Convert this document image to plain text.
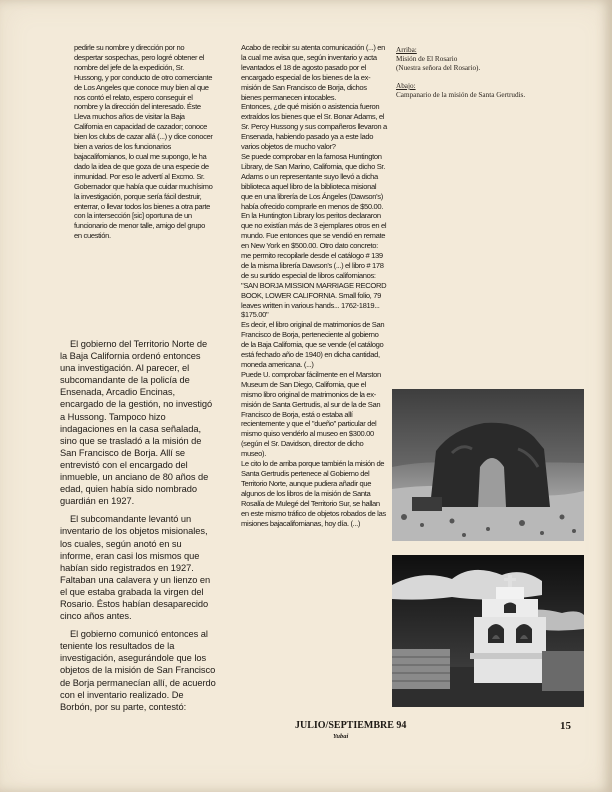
pedirle su nombre y dirección por no despertar sospechas, pero logré obtener el nombre del jefe de la expedición, Sr. Hussong, y por conducto de otro comerciante de Los Angeles que conoce muy bien al que nos contó el relato, espero conseguir el nombre y la dirección del interesado. Éste Lleva muchos años de visitar la Baja California en capacidad de cazador; conoce bien los clubs de cazar allá (...) y dice conocer bien a varios de los funcionarios bajacalifornianos, lo cual me supongo, le ha dado la idea de que goza de una especie de inmunidad. Por eso le advertí al Excmo. Sr. Gobernador que había que cuidar muchísimo la investigación, porque sería fácil destruir, enterrar, o llevar todos los bienes a otra parte con la intersección [sic] oportuna de un funcionario de menor talle, amigo del grupo en cuestión.

El gobierno del Territorio Norte de la Baja California ordenó entonces una investigación. Al parecer, el subcomandante de la policía de Ensenada, Arcadio Encinas, encargado de la gestión, no investigó a Hussong. Tampoco hizo indagaciones en la casa señalada, sino que se trasladó a la misión de San Francisco de Borja. Allí se entrevistó con el encargado del inmueble, un anciano de 80 años de edad, quien había sido nombrado guardián en 1927.

El subcomandante levantó un inventario de los objetos misionales, los cuales, según anotó en su informe, eran casi los mismos que habían sido registrados en 1927. Faltaban una calavera y un lienzo en el que estaba grabada la virgen del Rosario. Éstos habían desaparecido cinco años antes.

El gobierno comunicó entonces al teniente los resultados de la investigación, asegurándole que los objetos de la misión de San Francisco de Borja permanecían allí, de acuerdo con el inventario realizado. De Borbón, por su parte, contestó:

Acabo de recibir su atenta comunicación (...) en la cual me avisa que, según inventario y acta levantados el 18 de agosto pasado por el encargado especial de los bienes de la ex-misión de San Francisco de Borja, dichos bienes permanecen intocables.

Entonces, ¿de qué misión o asistencia fueron extraídos los bienes que el Sr. Bonar Adams, el Sr. Percy Hussong y sus compañeros llevaron a Ensenada, habiendo pasado ya a este lado varios objetos de mucho valor?

Se puede comprobar en la famosa Huntington Library, de San Marino, California, que dicho Sr. Adams o un representante suyo llevó a dicha biblioteca aquel libro de la biblioteca misional que en una librería de Los Ángeles (Dawson's) había ofrecido comprarle en menos de $50.00. En la Huntington Library los peritos declararon que no existían más de 3 ejemplares otros en el mundo. Fue entonces que se vendió en remate en New York en $500.00. Otro dato concreto: me permito recopilarle desde el catálogo # 139 de la misma librería Dawson's (...) el libro # 178 de su surtido especial de libros californianos: "SAN BORJA MISSION MARRIAGE RECORD BOOK, LOWER CALIFORNIA. Small folio, 79 leaves written in various hands... 1762-1819... $175.00"

Es decir, el libro original de matrimonios de San Francisco de Borja, perteneciente al gobierno de la Baja California, que se vende (el catálogo está fechado año de 1940) en dicha cantidad, moneda americana. (...)

Puede U. comprobar fácilmente en el Marston Museum de San Diego, California, que el mismo libro original de matrimonios de la ex-misión de Santa Gertrudis, al sur de la de San Francisco de Borja, está o estaba allí recientemente y que el "dueño" particular del mismo quiso vendérlo al museo en $300.00 (según el Sr. Davidson, director de dicho museo).

Le cito lo de arriba porque también la misión de Santa Gertrudis pertenece al Gobierno del Territorio Norte, aunque pudiera añadir que algunos de los libros de la misión de Santa Rosalía de Mulegé del Territorio Sur, se hallan en este mismo tráfico de objetos robados de las misiones bajacalifornianas, hoy día. (...)

Arriba:
Misión de El Rosario
(Nuestra señora del Rosario).
Abajo:
Campanario de la misión de Santa Gertrudis.
JULIO/SEPTIEMBRE 94
Yubai
15
